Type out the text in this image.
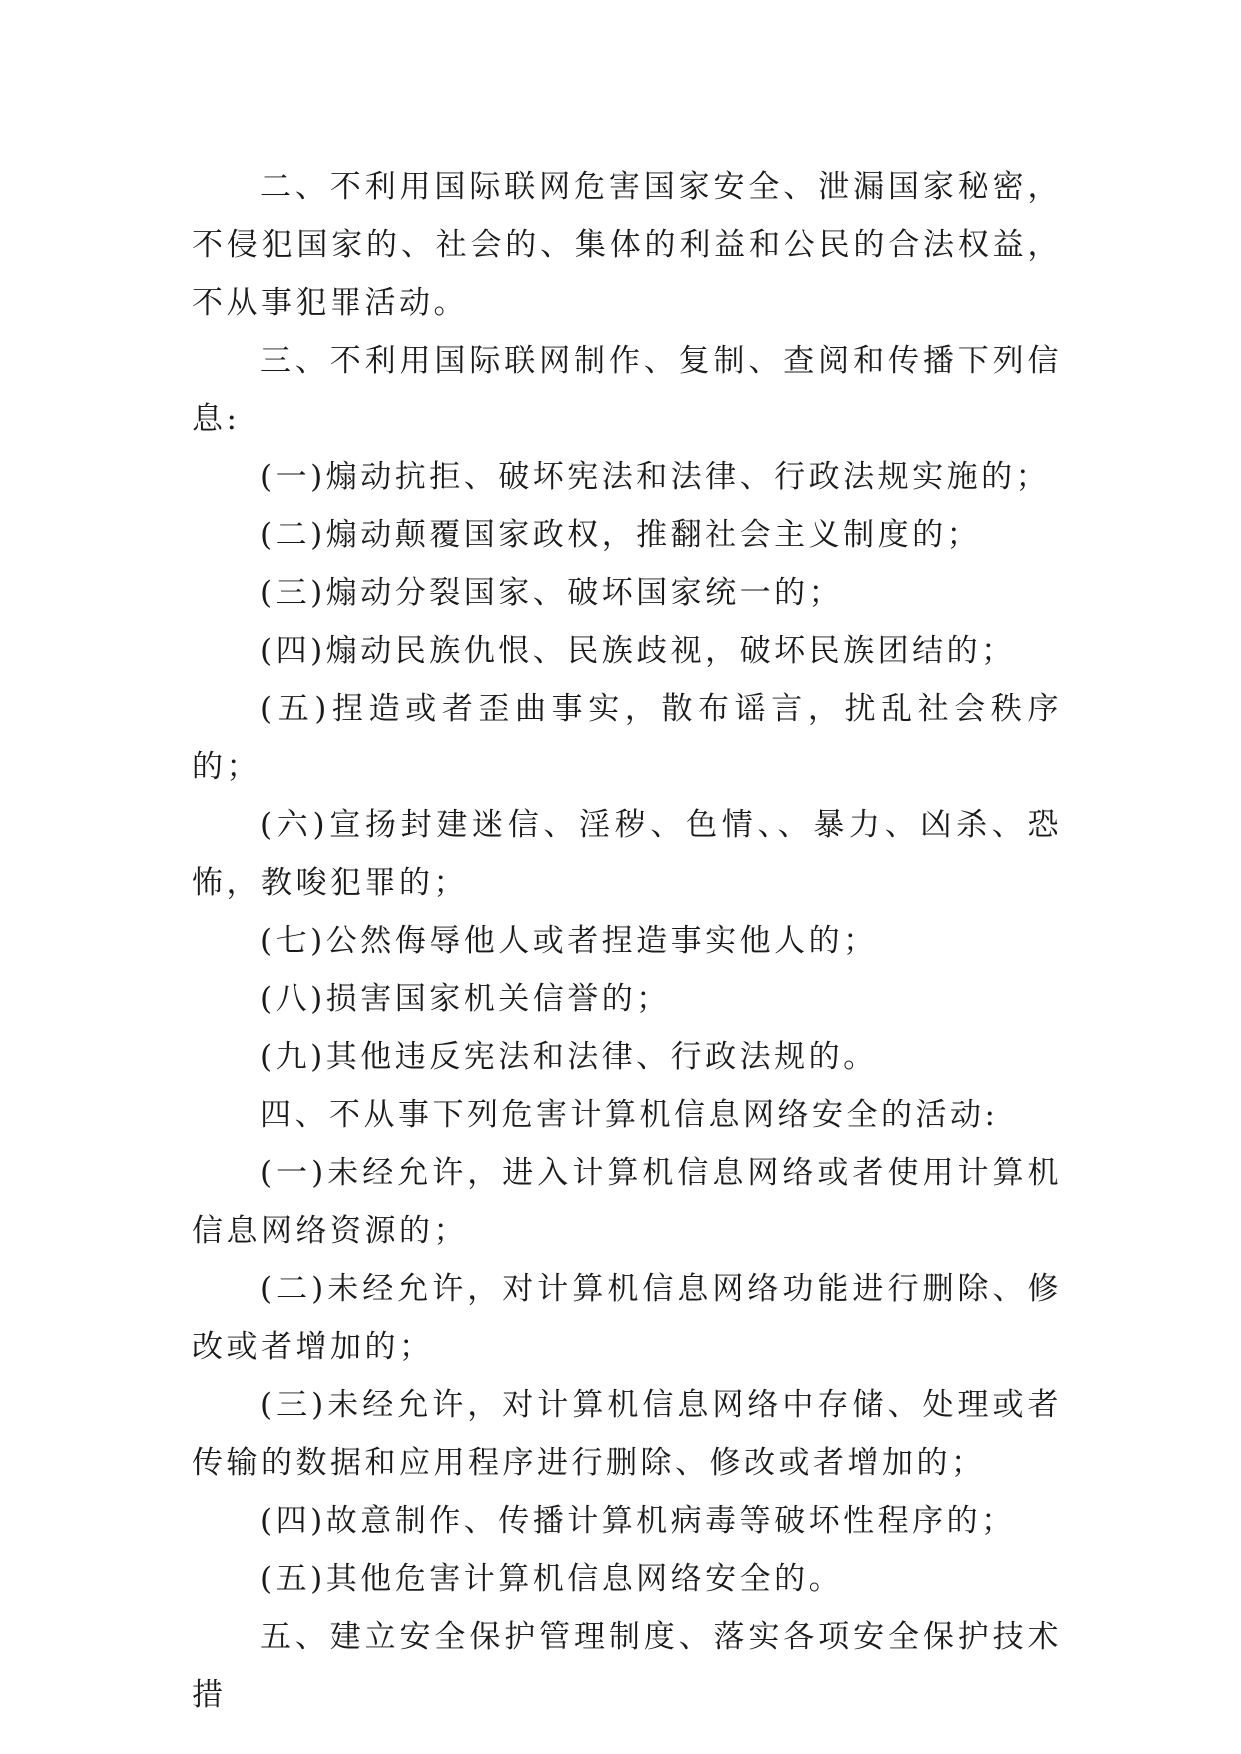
二、不利用国际联网危害国家安全、泄漏国家秘密，不侵犯国家的、社会的、集体的利益和公民的合法权益，不从事犯罪活动。

三、不利用国际联网制作、复制、查阅和传播下列信息:

(一)煽动抗拒、破坏宪法和法律、行政法规实施的；

(二)煽动颠覆国家政权，推翻社会主义制度的；

(三)煽动分裂国家、破坏国家统一的；

(四)煽动民族仇恨、民族歧视，破坏民族团结的；

(五)捏造或者歪曲事实，散布谣言，扰乱社会秩序的；

(六)宣扬封建迷信、淫秽、色情、、暴力、凶杀、恐怖，教唆犯罪的；

(七)公然侮辱他人或者捏造事实他人的；

(八)损害国家机关信誉的；

(九)其他违反宪法和法律、行政法规的。

四、不从事下列危害计算机信息网络安全的活动:

(一)未经允许，进入计算机信息网络或者使用计算机信息网络资源的；

(二)未经允许，对计算机信息网络功能进行删除、修改或者增加的；

(三)未经允许，对计算机信息网络中存储、处理或者传输的数据和应用程序进行删除、修改或者增加的；

(四)故意制作、传播计算机病毒等破坏性程序的；

(五)其他危害计算机信息网络安全的。

五、建立安全保护管理制度、落实各项安全保护技术措
